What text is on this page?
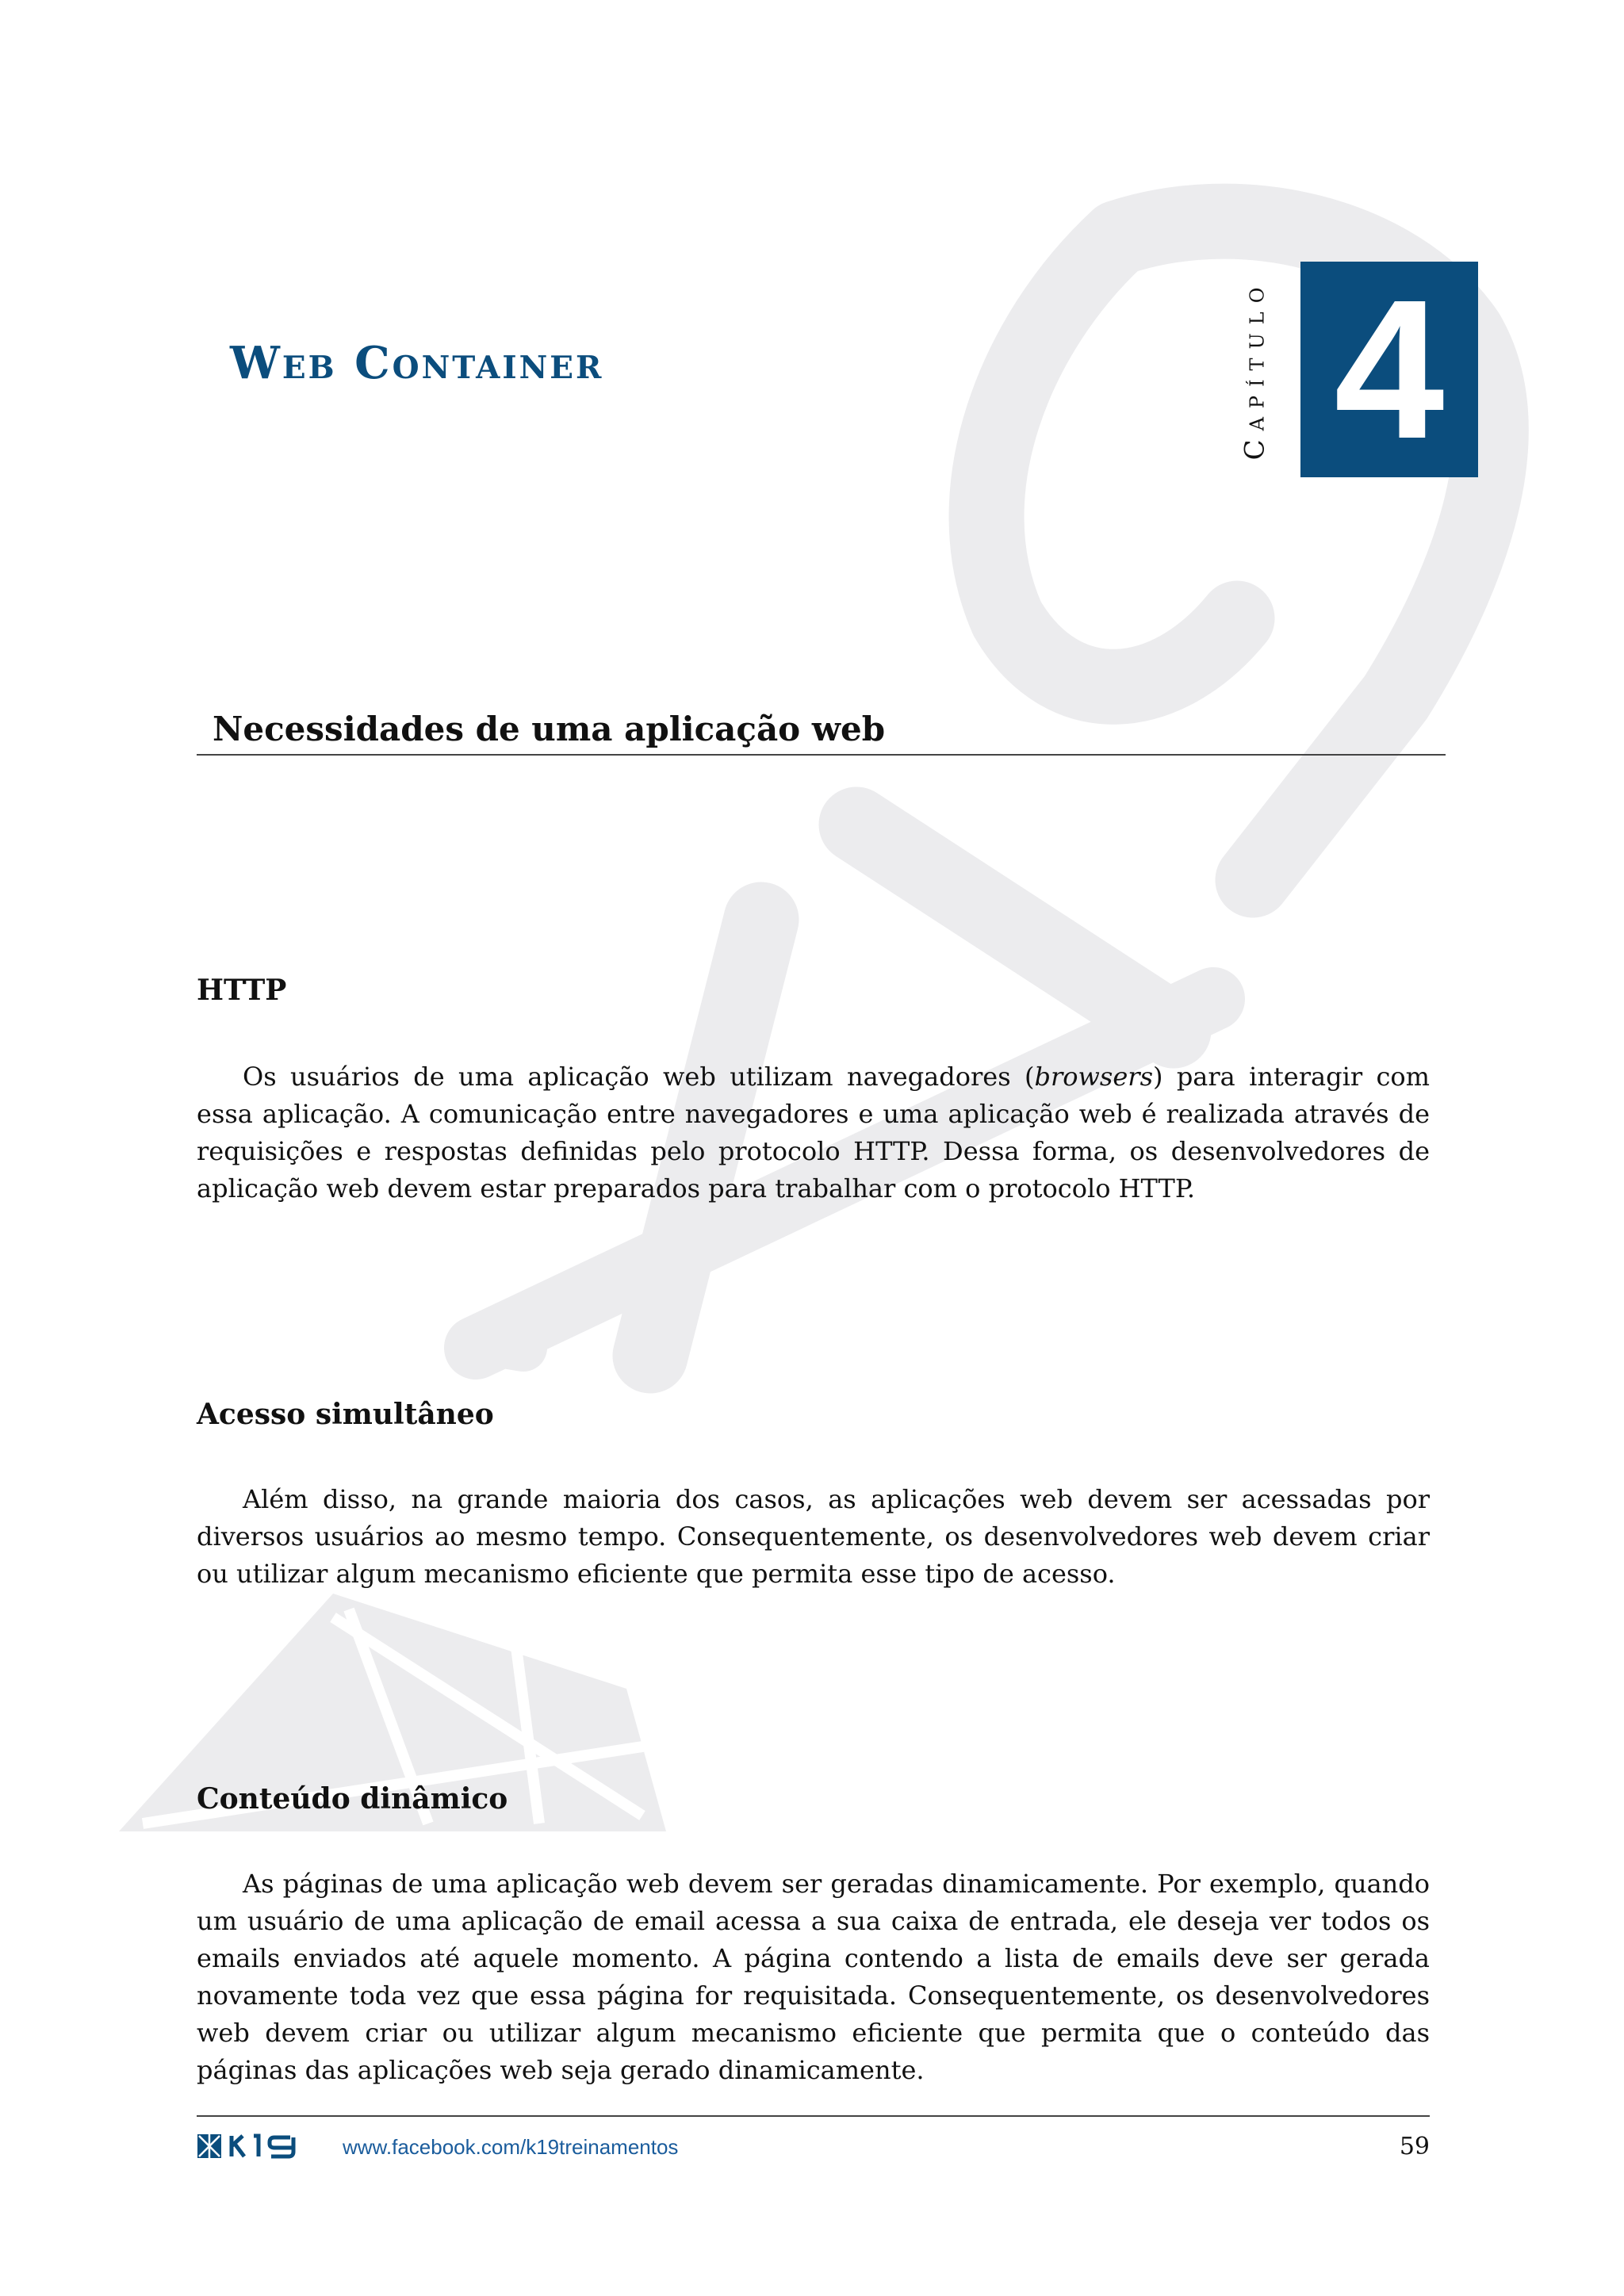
Web Container	Capítulo 4
Necessidades de uma aplicação web
HTTP

Os usuários de uma aplicação web utilizam navegadores (browsers) para interagir com essa aplicação. A comunicação entre navegadores e uma aplicação web é realizada através de requisições e respostas definidas pelo protocolo HTTP. Dessa forma, os desenvolvedores de aplicação web devem estar preparados para trabalhar com o protocolo HTTP.

Acesso simultâneo

Além disso, na grande maioria dos casos, as aplicações web devem ser acessadas por diversos usuários ao mesmo tempo. Consequentemente, os desenvolvedores web devem criar ou utilizar algum mecanismo eficiente que permita esse tipo de acesso.

Conteúdo dinâmico

As páginas de uma aplicação web devem ser geradas dinamicamente. Por exemplo, quando um usuário de uma aplicação de email acessa a sua caixa de entrada, ele deseja ver todos os emails enviados até aquele momento. A página contendo a lista de emails deve ser gerada novamente toda vez que essa página for requisitada. Consequentemente, os desenvolvedores web devem criar ou utilizar algum mecanismo eficiente que permita que o conteúdo das páginas das aplicações web seja gerado dinamicamente.

www.facebook.com/k19treinamentos	59
